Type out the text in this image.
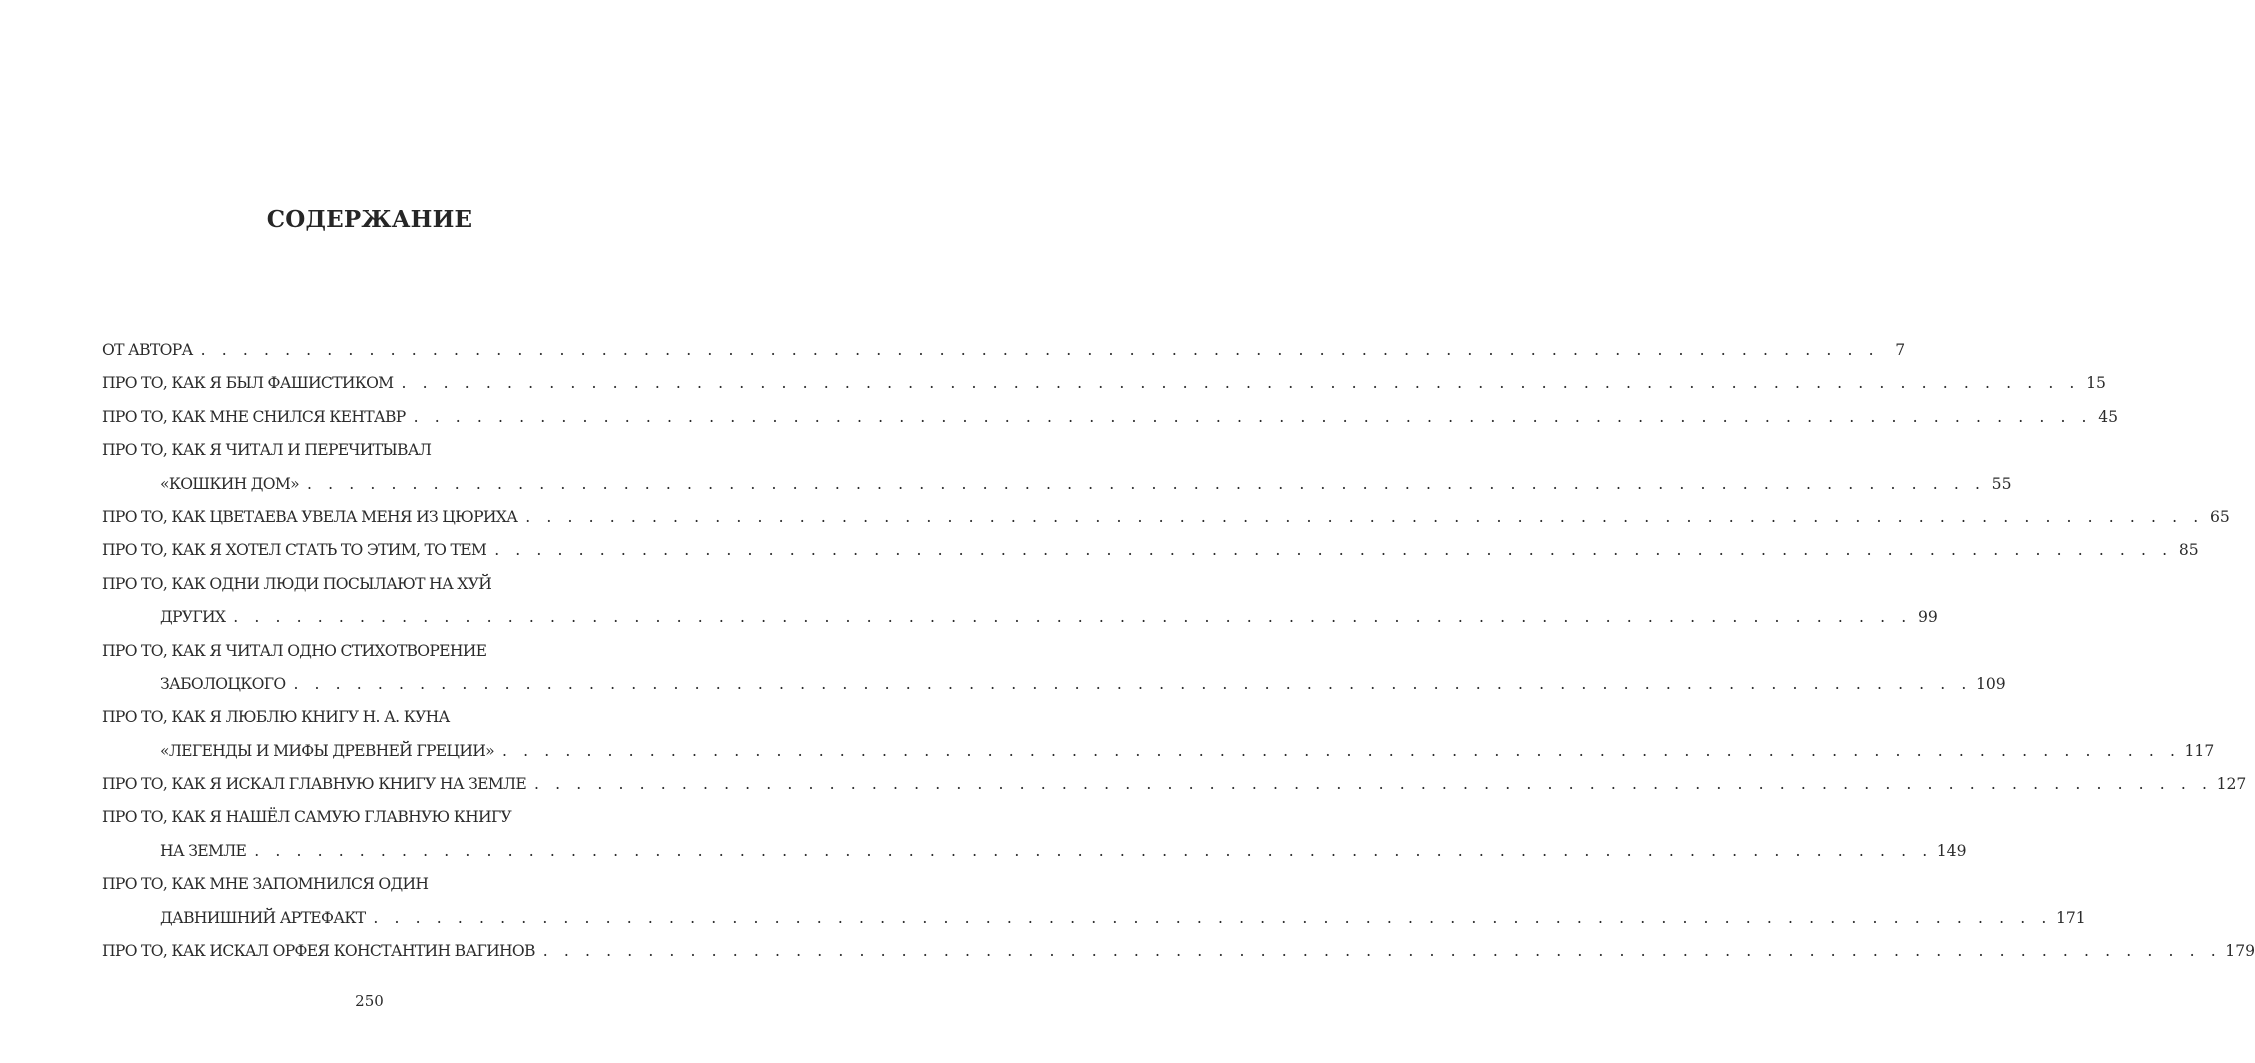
СОДЕРЖАНИЕ
ОТ АВТОРА . . . . . . . . . . . . . . . . . . . . . . . . . . . . . . . . . . . . . . . . . . . . . . . . . . . . . . . . . . . . . . . . . . . . . . . . . . . . . . . .	7
ПРО ТО, КАК Я БЫЛ ФАШИСТИКОМ . . . . . . . . . . . . . . . . . . . . . . . . . . . . . . . . . . . . . . . . . . . . . . . . . . . . . . . . . . . . . . . . . . . . . . . . . . . . . . . . 15
ПРО ТО, КАК МНЕ СНИЛСЯ КЕНТАВР . . . . . . . . . . . . . . . . . . . . . . . . . . . . . . . . . . . . . . . . . . . . . . . . . . . . . . . . . . . . . . . . . . . . . . . . . . . . . . . . 45
ПРО ТО, КАК Я ЧИТАЛ И ПЕРЕЧИТЫВАЛ
«КОШКИН ДОМ» . . . . . . . . . . . . . . . . . . . . . . . . . . . . . . . . . . . . . . . . . . . . . . . . . . . . . . . . . . . . . . . . . . . . . . . . . . . . . . . . 55
ПРО ТО, КАК ЦВЕТАЕВА УВЕЛА МЕНЯ ИЗ ЦЮРИХА . . . . . . . . . . . . . . . . . . . . . . . . . . . . . . . . . . . . . . . . . . . . . . . . . . . . . . . . . . . . . . . . . . . . . . . . . . . . . . . . 65
ПРО ТО, КАК Я ХОТЕЛ СТАТЬ ТО ЭТИМ, ТО ТЕМ . . . . . . . . . . . . . . . . . . . . . . . . . . . . . . . . . . . . . . . . . . . . . . . . . . . . . . . . . . . . . . . . . . . . . . . . . . . . . . . . 85
ПРО ТО, КАК ОДНИ ЛЮДИ ПОСЫЛАЮТ НА ХУЙ
ДРУГИХ . . . . . . . . . . . . . . . . . . . . . . . . . . . . . . . . . . . . . . . . . . . . . . . . . . . . . . . . . . . . . . . . . . . . . . . . . . . . . . . . 99
ПРО ТО, КАК Я ЧИТАЛ ОДНО СТИХОТВОРЕНИЕ
ЗАБОЛОЦКОГО . . . . . . . . . . . . . . . . . . . . . . . . . . . . . . . . . . . . . . . . . . . . . . . . . . . . . . . . . . . . . . . . . . . . . . . . . . . . . . . . 109
ПРО ТО, КАК Я ЛЮБЛЮ КНИГУ Н. А. КУНА
«ЛЕГЕНДЫ И МИФЫ ДРЕВНЕЙ ГРЕЦИИ» . . . . . . . . . . . . . . . . . . . . . . . . . . . . . . . . . . . . . . . . . . . . . . . . . . . . . . . . . . . . . . . . . . . . . . . . . . . . . . . . 117
ПРО ТО, КАК Я ИСКАЛ ГЛАВНУЮ КНИГУ НА ЗЕМЛЕ . . . . . . . . . . . . . . . . . . . . . . . . . . . . . . . . . . . . . . . . . . . . . . . . . . . . . . . . . . . . . . . . . . . . . . . . . . . . . . . . 127
ПРО ТО, КАК Я НАШЁЛ САМУЮ ГЛАВНУЮ КНИГУ
НА ЗЕМЛЕ . . . . . . . . . . . . . . . . . . . . . . . . . . . . . . . . . . . . . . . . . . . . . . . . . . . . . . . . . . . . . . . . . . . . . . . . . . . . . . . . 149
ПРО ТО, КАК МНЕ ЗАПОМНИЛСЯ ОДИН
ДАВНИШНИЙ АРТЕФАКТ . . . . . . . . . . . . . . . . . . . . . . . . . . . . . . . . . . . . . . . . . . . . . . . . . . . . . . . . . . . . . . . . . . . . . . . . . . . . . . . . 171
ПРО ТО, КАК ИСКАЛ ОРФЕЯ КОНСТАНТИН ВАГИНОВ . . . . . . . . . . . . . . . . . . . . . . . . . . . . . . . . . . . . . . . . . . . . . . . . . . . . . . . . . . . . . . . . . . . . . . . . . . . . . . . . 179
250
